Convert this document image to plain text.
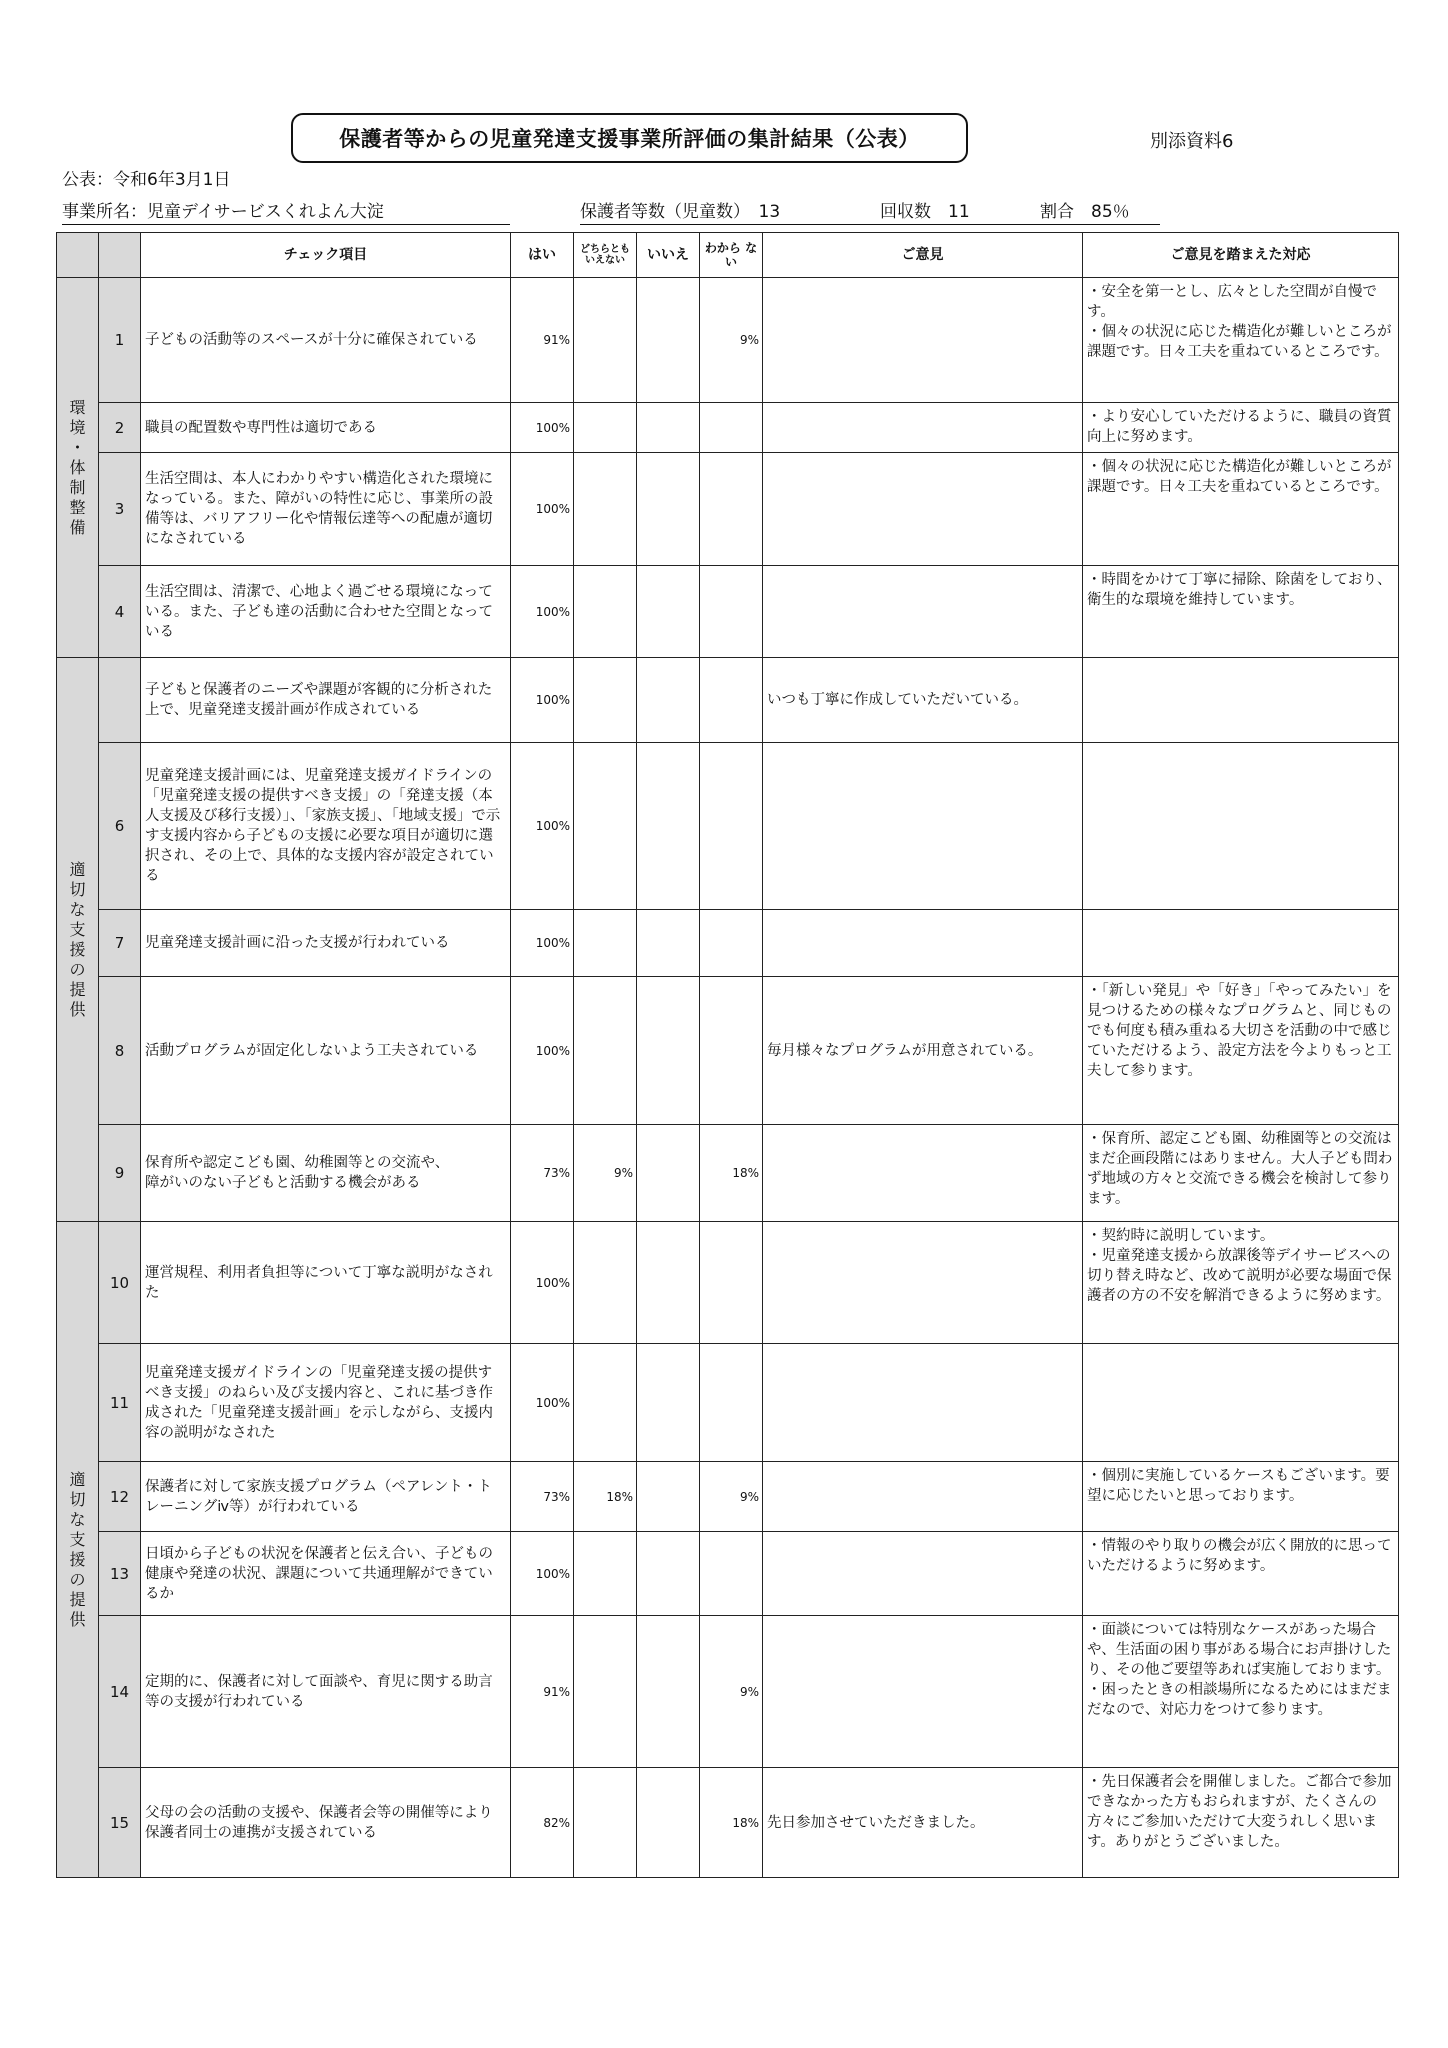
保護者等からの児童発達支援事業所評価の集計結果（公表）	別添資料6
公表：令和6年3月1日
事業所名：児童デイサービスくれよん大淀	保護者等数（児童数）　13	回収数　11	割合　85％
		チェック項目	はい	どちらとも いえない	いいえ	わから ない	ご意見	ご意見を踏まえた対応

環境・体制整備	1	子どもの活動等のスペースが十分に確保されている	91%			9%		・安全を第一とし、広々とした空間が自慢です。
・個々の状況に応じた構造化が難しいところが課題です。日々工夫を重ねているところです。
	2	職員の配置数や専門性は適切である	100%					・より安心していただけるように、職員の資質向上に努めます。
	3	生活空間は、本人にわかりやすい構造化された環境になっている。また、障がいの特性に応じ、事業所の設備等は、バリアフリー化や情報伝達等への配慮が適切になされている	100%					・個々の状況に応じた構造化が難しいところが課題です。日々工夫を重ねているところです。
	4	生活空間は、清潔で、心地よく過ごせる環境になっている。また、子ども達の活動に合わせた空間となっている	100%					・時間をかけて丁寧に掃除、除菌をしており、衛生的な環境を維持しています。

適切な支援の提供		子どもと保護者のニーズや課題が客観的に分析された上で、児童発達支援計画が作成されている	100%				いつも丁寧に作成していただいている。	
	6	児童発達支援計画には、児童発達支援ガイドラインの「児童発達支援の提供すべき支援」の「発達支援（本人支援及び移行支援）」、「家族支援」、「地域支援」で示す支援内容から子どもの支援に必要な項目が適切に選択され、その上で、具体的な支援内容が設定されている	100%					
	7	児童発達支援計画に沿った支援が行われている	100%					
	8	活動プログラムが固定化しないよう工夫されている	100%				毎月様々なプログラムが用意されている。	・「新しい発見」や「好き」「やってみたい」を見つけるための様々なプログラムと、同じものでも何度も積み重ねる大切さを活動の中で感じていただけるよう、設定方法を今よりもっと工夫して参ります。
	9	保育所や認定こども園、幼稚園等との交流や、
障がいのない子どもと活動する機会がある	73%	9%		18%		・保育所、認定こども園、幼稚園等との交流はまだ企画段階にはありません。大人子ども問わず地域の方々と交流できる機会を検討して参ります。

適切な支援の提供	10	運営規程、利用者負担等について丁寧な説明がなされた	100%					・契約時に説明しています。
・児童発達支援から放課後等デイサービスへの切り替え時など、改めて説明が必要な場面で保護者の方の不安を解消できるように努めます。
	11	児童発達支援ガイドラインの「児童発達支援の提供すべき支援」のねらい及び支援内容と、これに基づき作成された「児童発達支援計画」を示しながら、支援内容の説明がなされた	100%					
	12	保護者に対して家族支援プログラム（ペアレント・トレーニングⅳ等）が行われている	73%	18%		9%		・個別に実施しているケースもございます。要望に応じたいと思っております。
	13	日頃から子どもの状況を保護者と伝え合い、子どもの健康や発達の状況、課題について共通理解ができているか	100%					・情報のやり取りの機会が広く開放的に思っていただけるように努めます。
	14	定期的に、保護者に対して面談や、育児に関する助言等の支援が行われている	91%			9%		・面談については特別なケースがあった場合や、生活面の困り事がある場合にお声掛けしたり、その他ご要望等あれば実施しております。
・困ったときの相談場所になるためにはまだまだなので、対応力をつけて参ります。
	15	父母の会の活動の支援や、保護者会等の開催等により保護者同士の連携が支援されている	82%			18%	先日参加させていただきました。	・先日保護者会を開催しました。ご都合で参加できなかった方もおられますが、たくさんの方々にご参加いただけて大変うれしく思います。ありがとうございました。
